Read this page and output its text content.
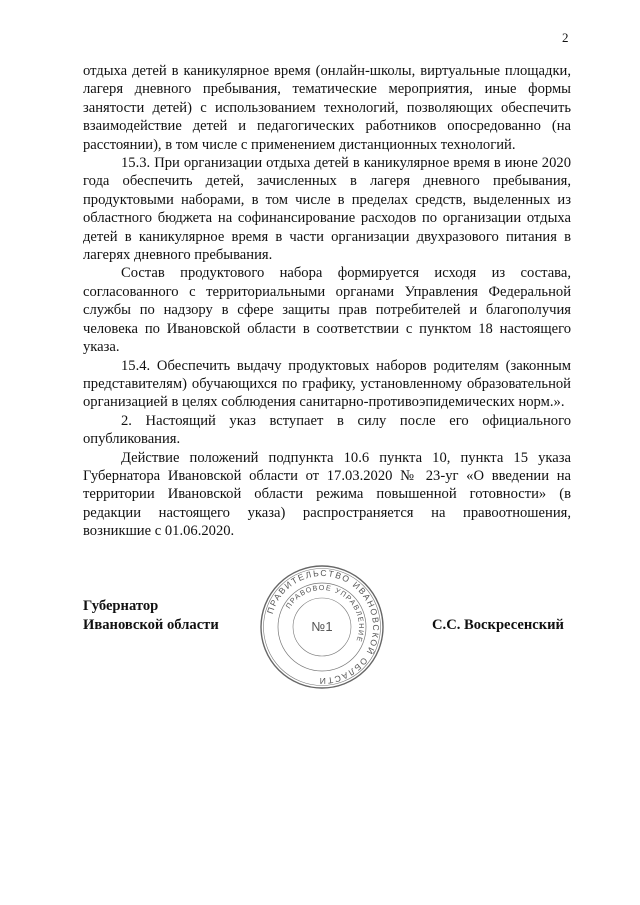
2

отдыха детей в каникулярное время (онлайн-школы, виртуальные площадки, лагеря дневного пребывания, тематические мероприятия, иные формы занятости детей) с использованием технологий, позволяющих обеспечить взаимодействие детей и педагогических работников опосредованно (на расстоянии), в том числе с применением дистанционных технологий.

15.3. При организации отдыха детей в каникулярное время в июне 2020 года обеспечить детей, зачисленных в лагеря дневного пребывания, продуктовыми наборами, в том числе в пределах средств, выделенных из областного бюджета на софинансирование расходов по организации отдыха детей в каникулярное время в части организации двухразового питания в лагерях дневного пребывания.

Состав продуктового набора формируется исходя из состава, согласованного с территориальными органами Управления Федеральной службы по надзору в сфере защиты прав потребителей и благополучия человека по Ивановской области в соответствии с пунктом 18 настоящего указа.

15.4. Обеспечить выдачу продуктовых наборов родителям (законным представителям) обучающихся по графику, установленному образовательной организацией в целях соблюдения санитарно-противоэпидемических норм.».

2. Настоящий указ вступает в силу после его официального опубликования.

Действие положений подпункта 10.6 пункта 10, пункта 15 указа Губернатора Ивановской области от 17.03.2020 № 23-уг «О введении на территории Ивановской области режима повышенной готовности» (в редакции настоящего указа) распространяется на правоотношения, возникшие с 01.06.2020.

Губернатор
Ивановской области
ПРАВИТЕЛЬСТВО ИВАНОВСКОЙ ОБЛАСТИ
ПРАВОВОЕ УПРАВЛЕНИЕ
№1	С.С. Воскресенский
